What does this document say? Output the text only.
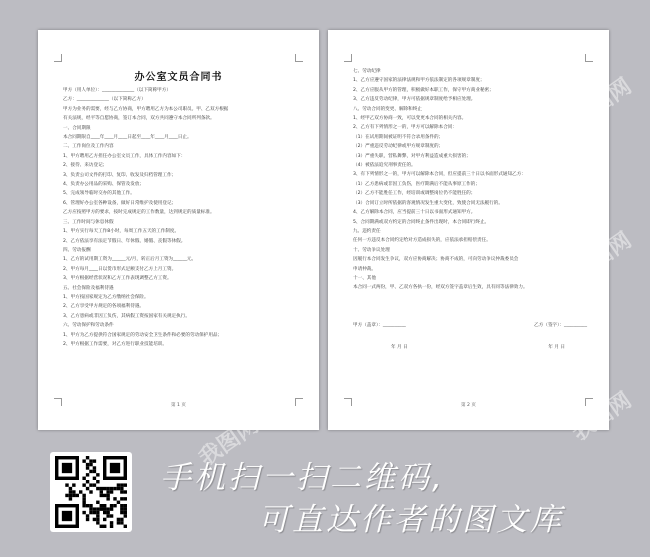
办公室文员合同书
甲方（用人单位）：______________（以下简称甲方）
乙方：______________（以下简称乙方）
甲方为业务的需要，经与乙方协商，甲方聘用乙方为本公司职员。甲、乙双方根据
有关法规，经平等自愿协商，签订本合同，双方共同遵守本合同所列条款。
一、合同期限
本合同期限自____年____月____日起至____年____月____日止。
二、工作岗位及工作内容
1、甲方聘用乙方担任办公室文员工作，具体工作内容如下：
2、接待、来访登记；
3、负责公司文件的打印、复印、收发及归档管理工作；
4、负责办公用品的采购、保管及发放；
5、完成领导临时交办的其他工作。
6、管理好办公室各种设备，做好日常维护及使用登记；
乙方应按照甲方的要求，按时完成规定的工作数量，达到规定的质量标准。
三、工作时间与休息休假
1、甲方实行每天工作8小时，每周工作五天的工作制度。
2、乙方依法享有法定节假日、年休假、婚假、丧假等休假。
四、劳动报酬
1、乙方的试用期工资为______元/月，转正后月工资为______元。
2、甲方每月____日以货币形式足额支付乙方上月工资。
3、甲方根据经营状况和乙方工作表现调整乙方工资。
五、社会保险及福利待遇
1、甲方按国家规定为乙方缴纳社会保险。
2、乙方享受甲方规定的各项福利待遇。
3、乙方患病或非因工负伤，其病假工资按国家有关规定执行。
六、劳动保护和劳动条件
1、甲方为乙方提供符合国家规定的劳动安全卫生条件和必要的劳动保护用品；
2、甲方根据工作需要，对乙方进行职业技能培训。
第 1 页
七、劳动纪律
1、乙方应遵守国家的法律法规和甲方依法制定的各项规章制度；
2、乙方应服从甲方的管理，积极做好本职工作，保守甲方商业秘密；
3、乙方违反劳动纪律，甲方可依据规章制度给予相应处理。
八、劳动合同的变更、解除和终止
1、经甲乙双方协商一致，可以变更本合同的相关内容。
2、乙方有下列情形之一的，甲方可以解除本合同：
（1）在试用期间被证明不符合录用条件的；
（2）严重违反劳动纪律或甲方规章制度的；
（3）严重失职，营私舞弊，对甲方利益造成重大损害的；
（4）被依法追究刑事责任的。
3、有下列情形之一的，甲方可以解除本合同，但应提前三十日以书面形式通知乙方：
（1）乙方患病或非因工负伤，医疗期满后不能从事原工作的；
（2）乙方不能胜任工作，经培训或调整岗位仍不能胜任的；
（3）合同订立时所依据的客观情况发生重大变化，致使合同无法履行的。
4、乙方解除本合同，应当提前三十日以书面形式通知甲方。
5、合同期满或双方约定的合同终止条件出现时，本合同即行终止。
九、违约责任
任何一方违反本合同约定给对方造成损失的，应依法承担赔偿责任。
十、劳动争议处理
因履行本合同发生争议，双方应协商解决；协商不成的，可向劳动争议仲裁委员会
申请仲裁。
十一、其他
本合同一式两份，甲、乙双方各执一份，经双方签字盖章后生效，具有同等法律效力。
甲方（盖章）：__________	乙方（签字）：__________
年 月 日	年 月 日
第 2 页
我图网
我图网
我图网	我图网
手机扫一扫二维码,
可直达作者的图文库
